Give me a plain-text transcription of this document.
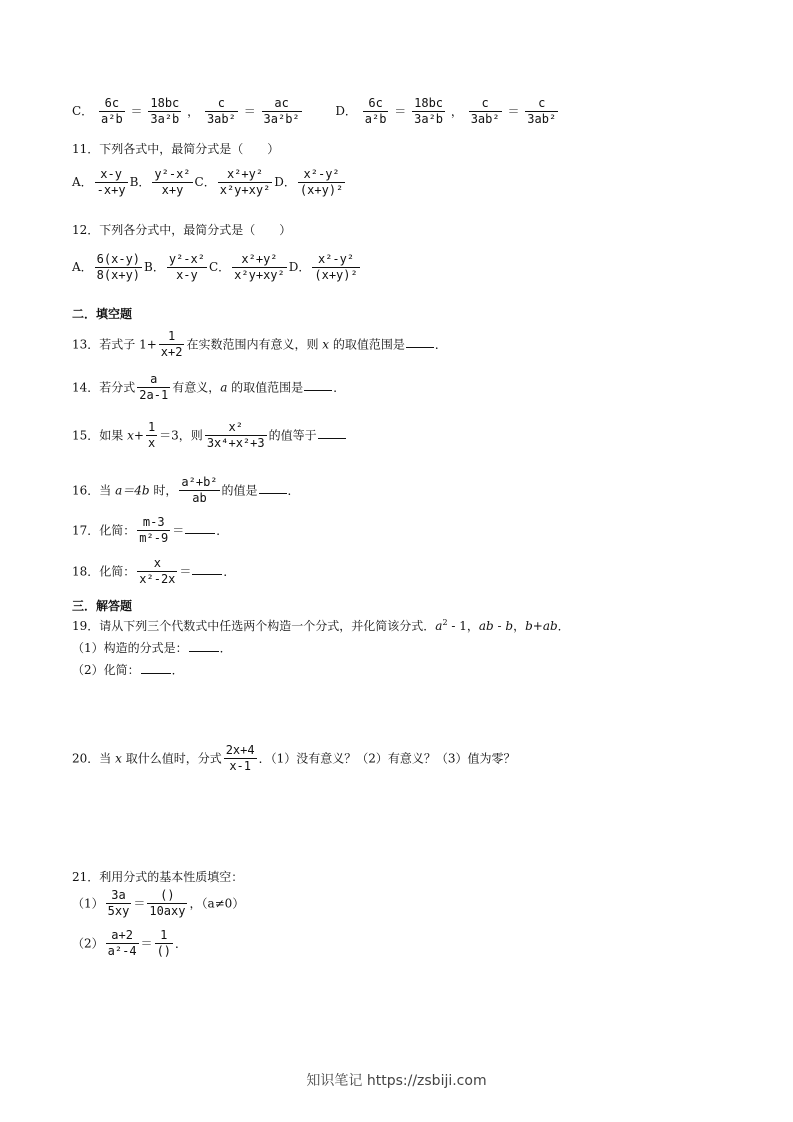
C． $\frac{6c}{\text{a²b}} = \frac{18bc}{\text{3a²b}}$ ， $\frac{c}{\text{3ab²}} = \frac{ac}{\text{3a²b²}}$	D． $\frac{6c}{\text{a²b}} = \frac{18bc}{\text{3a²b}}$ ， $\frac{c}{\text{3ab²}} = \frac{c}{\text{3ab²}}$
11．下列各式中，最简分式是（　　）
A． $\frac{x-y}{-x+y}$ B． $\frac{\text{y²-x²}}{x+y}$ C． $\frac{\text{x²+y²}}{\text{x²y+xy²}}$ D． $\frac{\text{x²-y²}}{\text{(x+y)²}}$
12．下列各分式中，最简分式是（　　）
A． $\frac{6(x-y)}{8(x+y)}$ B． $\frac{\text{y²-x²}}{x-y}$ C． $\frac{\text{x²+y²}}{\text{x²y+xy²}}$ D． $\frac{\text{x²-y²}}{\text{(x+y)²}}$
二．填空题
13．若式子 $1+ \frac{1}{x+2}$ 在实数范围内有意义，则 x 的取值范围是	．
14．若分式 $\frac{a}{2a-1}$ 有意义，a 的取值范围是	．
15．如果 $x+ \frac{1}{x} =3$，则 $\frac{\text{x²}}{\text{3x⁴+x²+3}}$ 的值等于
16．当 a＝4b 时， $\frac{\text{a²+b²}}{ab}$ 的值是	．
17．化简： $\frac{m-3}{\text{m²-9}}$ ＝	．
18．化简： $\frac{x}{\text{x²-2x}}$ ＝	．
三．解答题
19．请从下列三个代数式中任选两个构造一个分式，并化简该分式．$a^2 - 1$，ab - b，b+ab．
（1）构造的分式是：	．
（2）化简：	．
20．当 x 取什么值时，分式 $\frac{2x+4}{x-1}$ ．（1）没有意义？（2）有意义？（3）值为零？
21．利用分式的基本性质填空：
$(1) \frac{3a}{5xy}$ ＝
()
10axy
，（a≠0）
$(2) \frac{a+2}{\text{a²-4}}$ ＝
1
()
．
知识笔记 https://zsbiji.com
